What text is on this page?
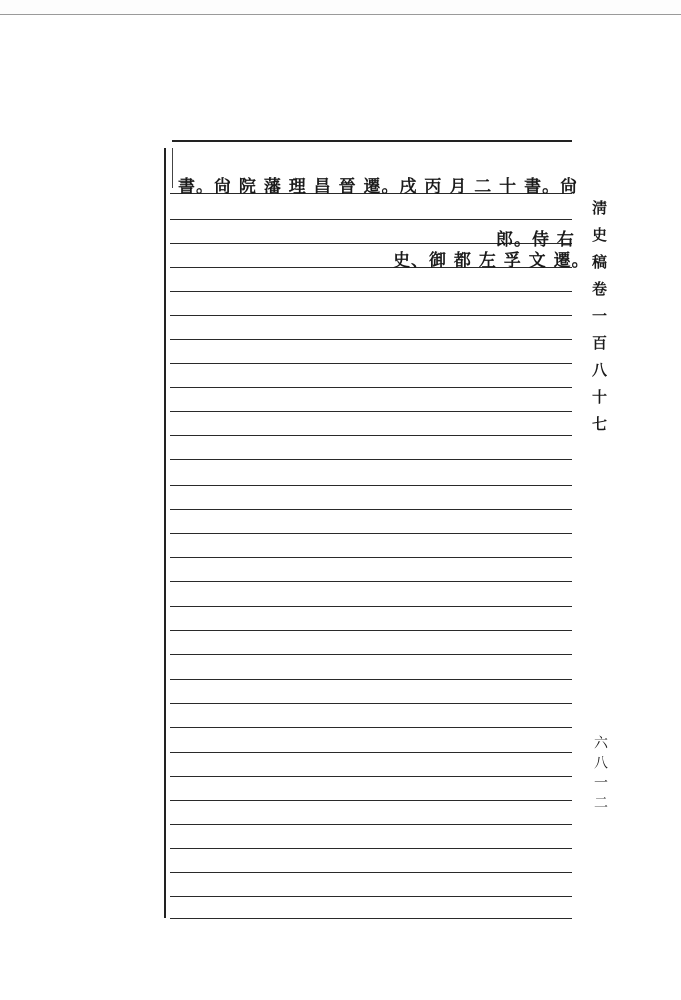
書。尙 院 藩 理 昌 晉 遷。戌 丙 月 二 十 書。尙
郎。侍 右
史、御 都 左 孚 文 遷。 淸史稿卷一百八十七
六八一二
